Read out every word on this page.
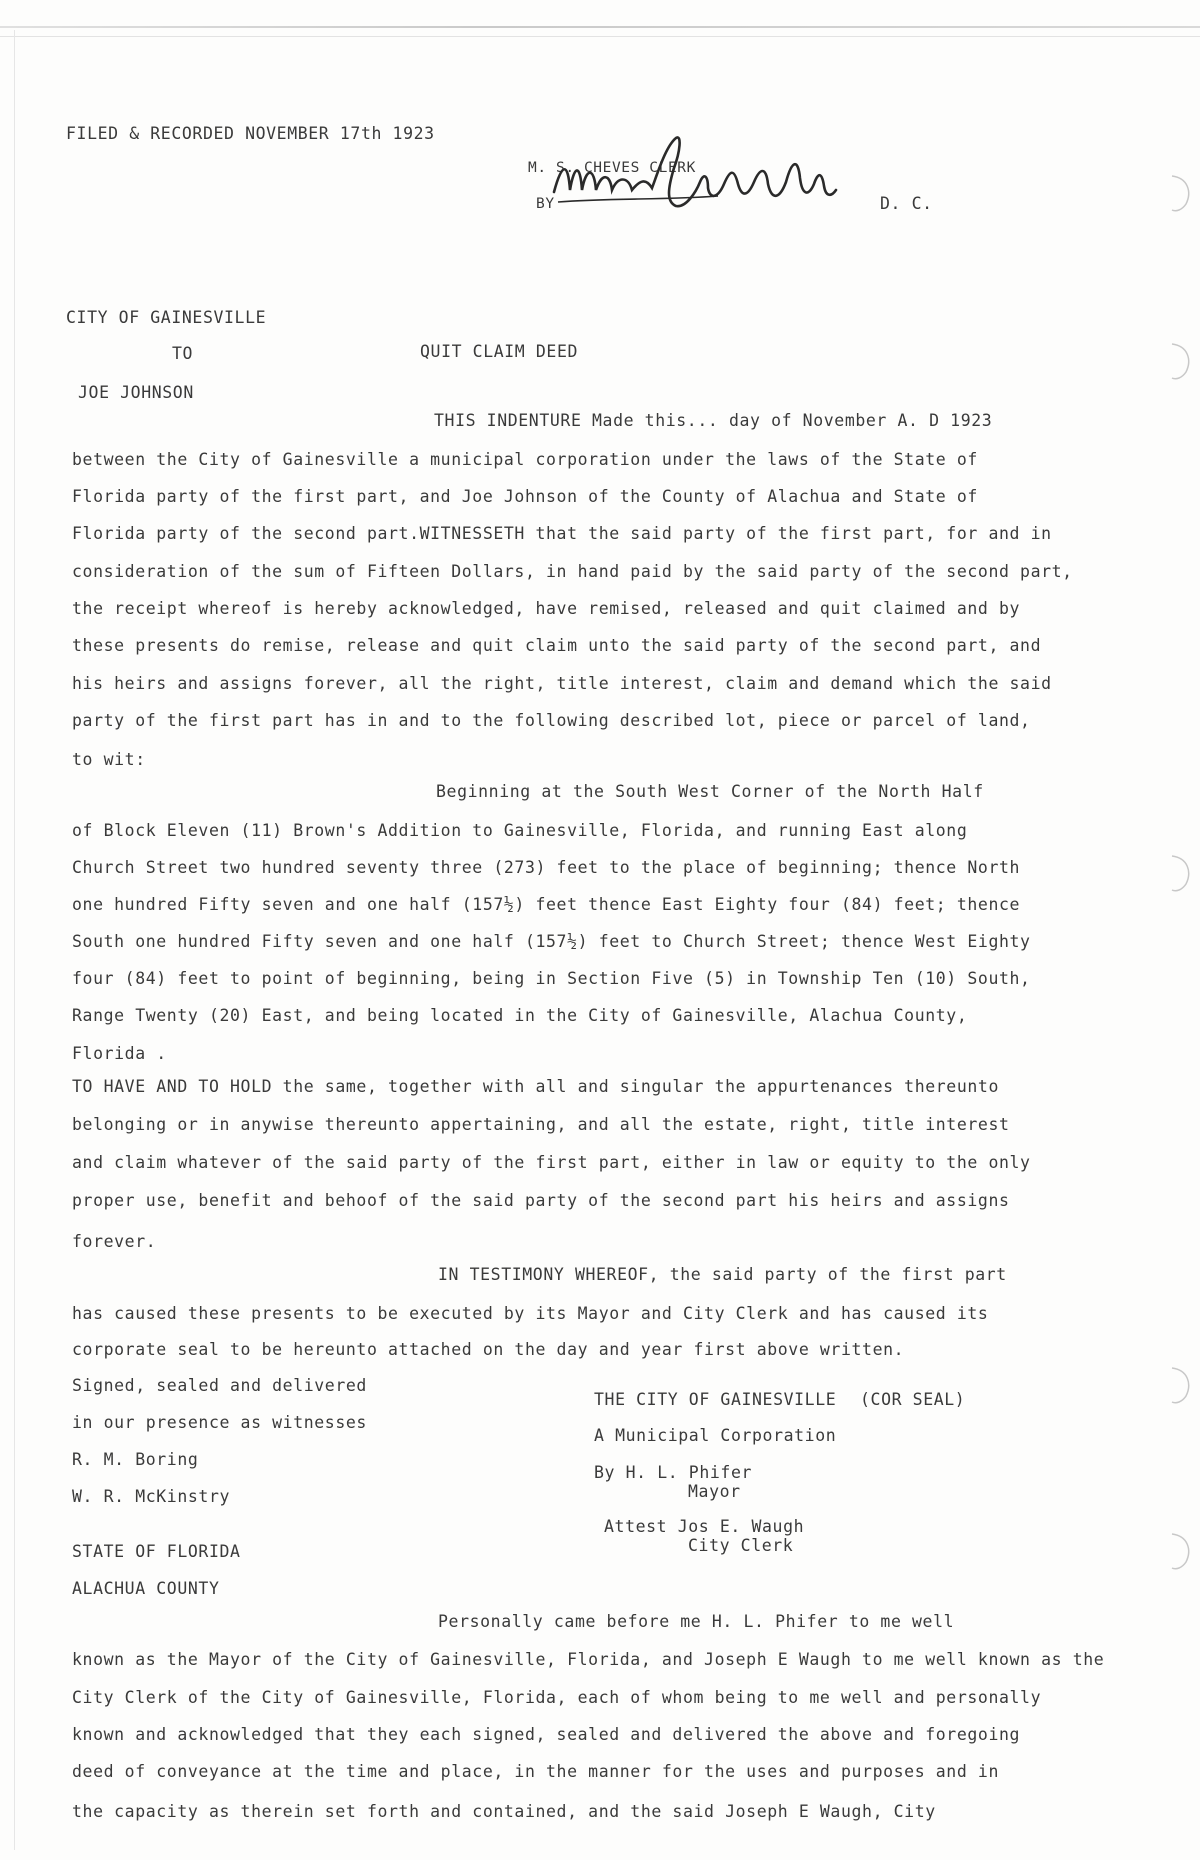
FILED & RECORDED NOVEMBER 17th 1923
M. S. CHEVES CLERK
BY	D. C.
CITY OF GAINESVILLE
TO	QUIT CLAIM DEED
JOE JOHNSON
THIS INDENTURE Made this... day of November A. D 1923
between the City of Gainesville a municipal corporation under the laws of the State of
Florida party of the first part, and Joe Johnson of the County of Alachua and State of
Florida party of the second part.WITNESSETH that the said party of the first part, for and in
consideration of the sum of Fifteen Dollars, in hand paid by the said party of the second part,
the receipt whereof is hereby acknowledged, have remised, released and quit claimed and by
these presents do remise, release and quit claim unto the said party of the second part, and
his heirs and assigns forever, all the right, title interest, claim and demand which the said
party of the first part has in and to the following described lot, piece or parcel of land,
to wit:
Beginning at the South West Corner of the North Half
of Block Eleven (11) Brown's Addition to Gainesville, Florida, and running East along
Church Street two hundred seventy three (273) feet to the place of beginning; thence North
one hundred Fifty seven and one half (157½) feet thence East Eighty four (84) feet; thence
South one hundred Fifty seven and one half (157½) feet to Church Street; thence West Eighty
four (84) feet to point of beginning, being in Section Five (5) in Township Ten (10) South,
Range Twenty (20) East, and being located in the City of Gainesville, Alachua County,
Florida .
TO HAVE AND TO HOLD the same, together with all and singular the appurtenances thereunto
belonging or in anywise thereunto appertaining, and all the estate, right, title interest
and claim whatever of the said party of the first part, either in law or equity to the only
proper use, benefit and behoof of the said party of the second part his heirs and assigns
forever.
IN TESTIMONY WHEREOF, the said party of the first part
has caused these presents to be executed by its Mayor and City Clerk and has caused its
corporate seal to be hereunto attached on the day and year first above written.
Signed, sealed and delivered
in our presence as witnesses
R. M. Boring
W. R. McKinstry
THE CITY OF GAINESVILLE (COR SEAL)
A Municipal Corporation
By H. L. Phifer
Mayor
Attest Jos E. Waugh
City Clerk
STATE OF FLORIDA
ALACHUA COUNTY
Personally came before me H. L. Phifer to me well
known as the Mayor of the City of Gainesville, Florida, and Joseph E Waugh to me well known as the
City Clerk of the City of Gainesville, Florida, each of whom being to me well and personally
known and acknowledged that they each signed, sealed and delivered the above and foregoing
deed of conveyance at the time and place, in the manner for the uses and purposes and in
the capacity as therein set forth and contained, and the said Joseph E Waugh, City
